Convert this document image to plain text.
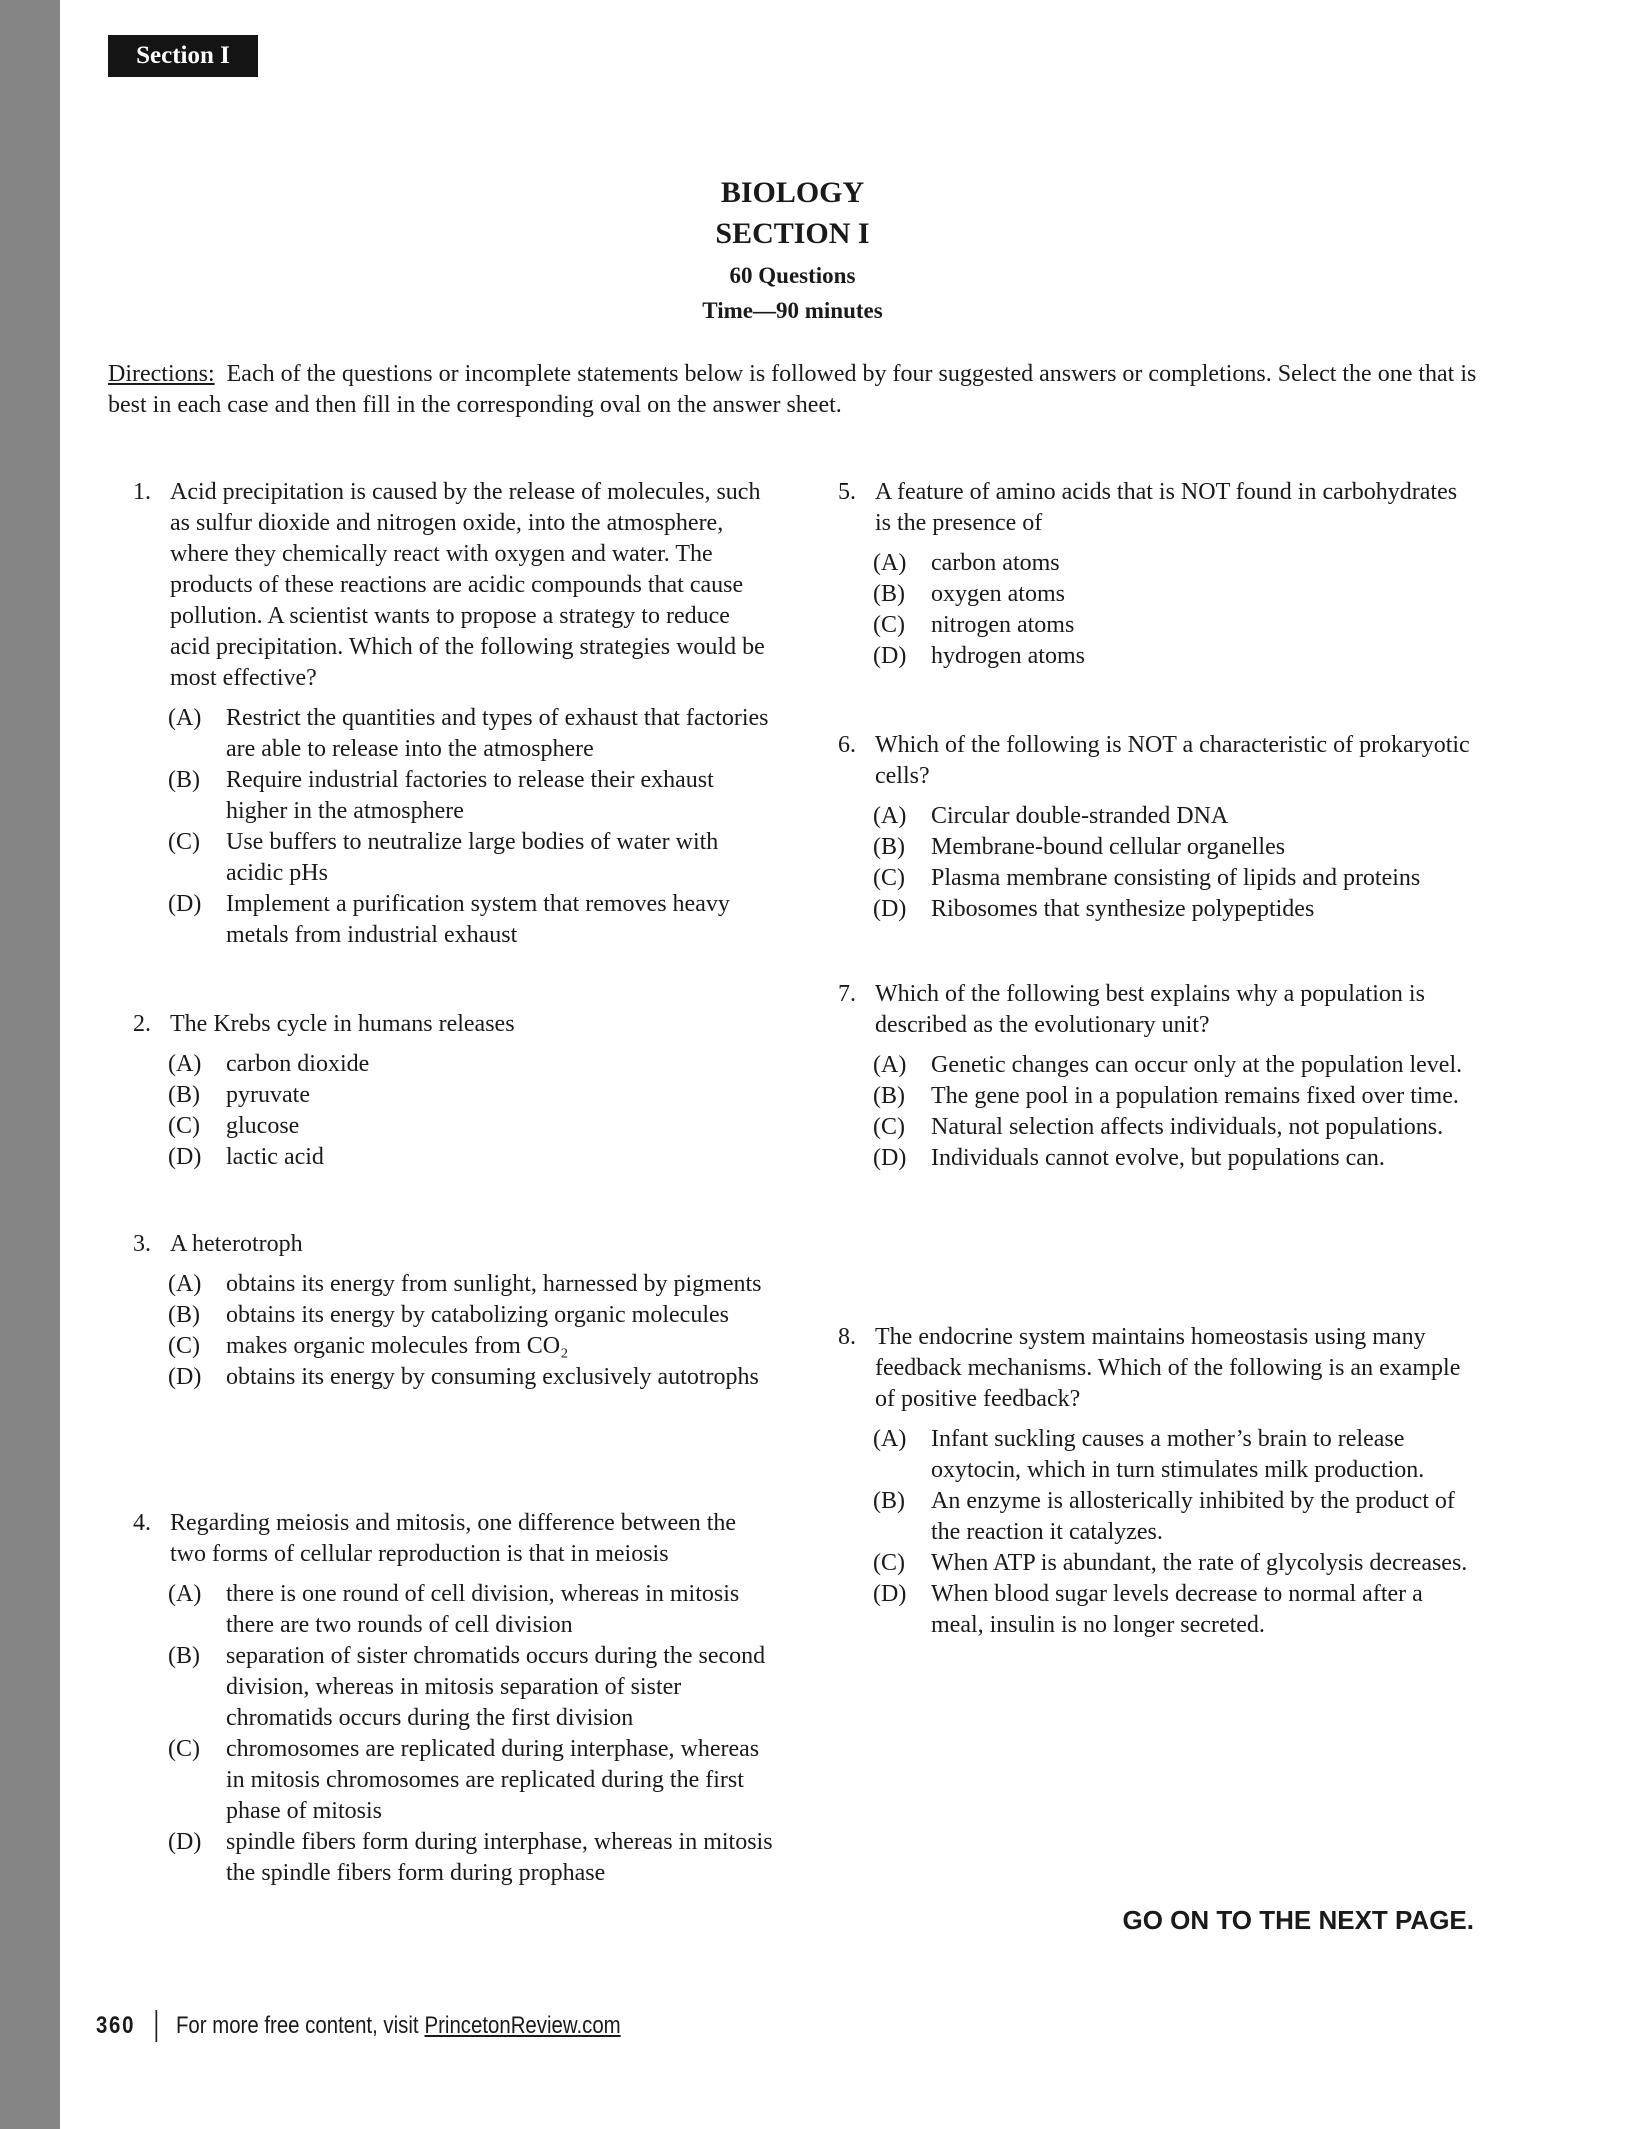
Section I
BIOLOGY
SECTION I
60 Questions
Time—90 minutes
Directions: Each of the questions or incomplete statements below is followed by four suggested answers or completions. Select the one that is best in each case and then fill in the corresponding oval on the answer sheet.
1. Acid precipitation is caused by the release of molecules, such as sulfur dioxide and nitrogen oxide, into the atmosphere, where they chemically react with oxygen and water. The products of these reactions are acidic compounds that cause pollution. A scientist wants to propose a strategy to reduce acid precipitation. Which of the following strategies would be most effective?
(A) Restrict the quantities and types of exhaust that factories are able to release into the atmosphere
(B) Require industrial factories to release their exhaust higher in the atmosphere
(C) Use buffers to neutralize large bodies of water with acidic pHs
(D) Implement a purification system that removes heavy metals from industrial exhaust
2. The Krebs cycle in humans releases
(A) carbon dioxide
(B) pyruvate
(C) glucose
(D) lactic acid
3. A heterotroph
(A) obtains its energy from sunlight, harnessed by pigments
(B) obtains its energy by catabolizing organic molecules
(C) makes organic molecules from CO₂
(D) obtains its energy by consuming exclusively autotrophs
4. Regarding meiosis and mitosis, one difference between the two forms of cellular reproduction is that in meiosis
(A) there is one round of cell division, whereas in mitosis there are two rounds of cell division
(B) separation of sister chromatids occurs during the second division, whereas in mitosis separation of sister chromatids occurs during the first division
(C) chromosomes are replicated during interphase, whereas in mitosis chromosomes are replicated during the first phase of mitosis
(D) spindle fibers form during interphase, whereas in mitosis the spindle fibers form during prophase
5. A feature of amino acids that is NOT found in carbohydrates is the presence of
(A) carbon atoms
(B) oxygen atoms
(C) nitrogen atoms
(D) hydrogen atoms
6. Which of the following is NOT a characteristic of prokaryotic cells?
(A) Circular double-stranded DNA
(B) Membrane-bound cellular organelles
(C) Plasma membrane consisting of lipids and proteins
(D) Ribosomes that synthesize polypeptides
7. Which of the following best explains why a population is described as the evolutionary unit?
(A) Genetic changes can occur only at the population level.
(B) The gene pool in a population remains fixed over time.
(C) Natural selection affects individuals, not populations.
(D) Individuals cannot evolve, but populations can.
8. The endocrine system maintains homeostasis using many feedback mechanisms. Which of the following is an example of positive feedback?
(A) Infant suckling causes a mother’s brain to release oxytocin, which in turn stimulates milk production.
(B) An enzyme is allosterically inhibited by the product of the reaction it catalyzes.
(C) When ATP is abundant, the rate of glycolysis decreases.
(D) When blood sugar levels decrease to normal after a meal, insulin is no longer secreted.
GO ON TO THE NEXT PAGE.
360 For more free content, visit PrincetonReview.com
